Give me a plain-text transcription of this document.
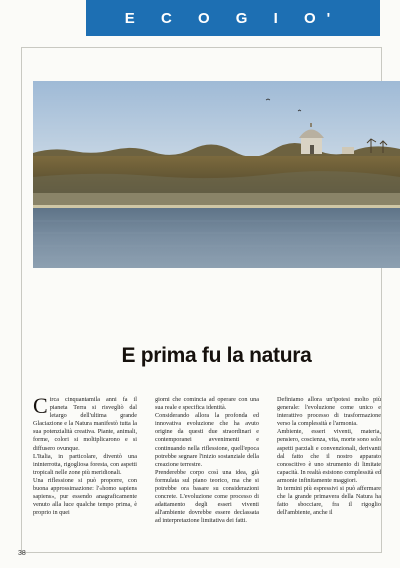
E C O G I O'
E prima fu la natura

Circa cinquantamila anni fa il pianeta Terra si risvegliò dal letargo dell'ultima grande Glaciazione e la Natura manifestò tutta la sua potenzialità creativa. Piante, animali, forme, colori si moltiplicarono e si diffusero ovunque.

L'Italia, in particolare, diventò una ininterrotta, rigogliosa foresta, con aspetti tropicali nelle zone più meridionali.

Una riflessione si può proporre, con buona approssimazione: l'«homo sapiens sapiens», pur essendo anagraficamente venuto alla luce qualche tempo prima, è proprio in quei

giorni che comincia ad operare con una sua reale e specifica identità.

Considerando allora la profonda ed innovativa evoluzione che ha avuto origine da questi due straordinari e contemporanei avvenimenti e continuando nella riflessione, quell'epoca potrebbe segnare l'inizio sostanziale della creazione terrestre.

Prenderebbe corpo così una idea, già formulata sul piano teorico, ma che si potrebbe ora basare su considerazioni concrete. L'evoluzione come processo di adattamento degli esseri viventi all'ambiente dovrebbe essere declassata ad interpretazione limitativa dei fatti.

Definiamo allora un'ipotesi molto più generale: l'evoluzione come unico e interattivo processo di trasformazione verso la complessità e l'armonia.

Ambiente, esseri viventi, materia, pensiero, coscienza, vita, morte sono solo aspetti parziali e convenzionali, derivanti dal fatto che il nostro apparato conoscitivo è uno strumento di limitate capacità. In realtà esistono complessità ed armonie infinitamente maggiori.

In termini più espressivi si può affermare che la grande primavera della Natura ha fatto sbocciare, fra il rigoglio dell'ambiente, anche il

38
